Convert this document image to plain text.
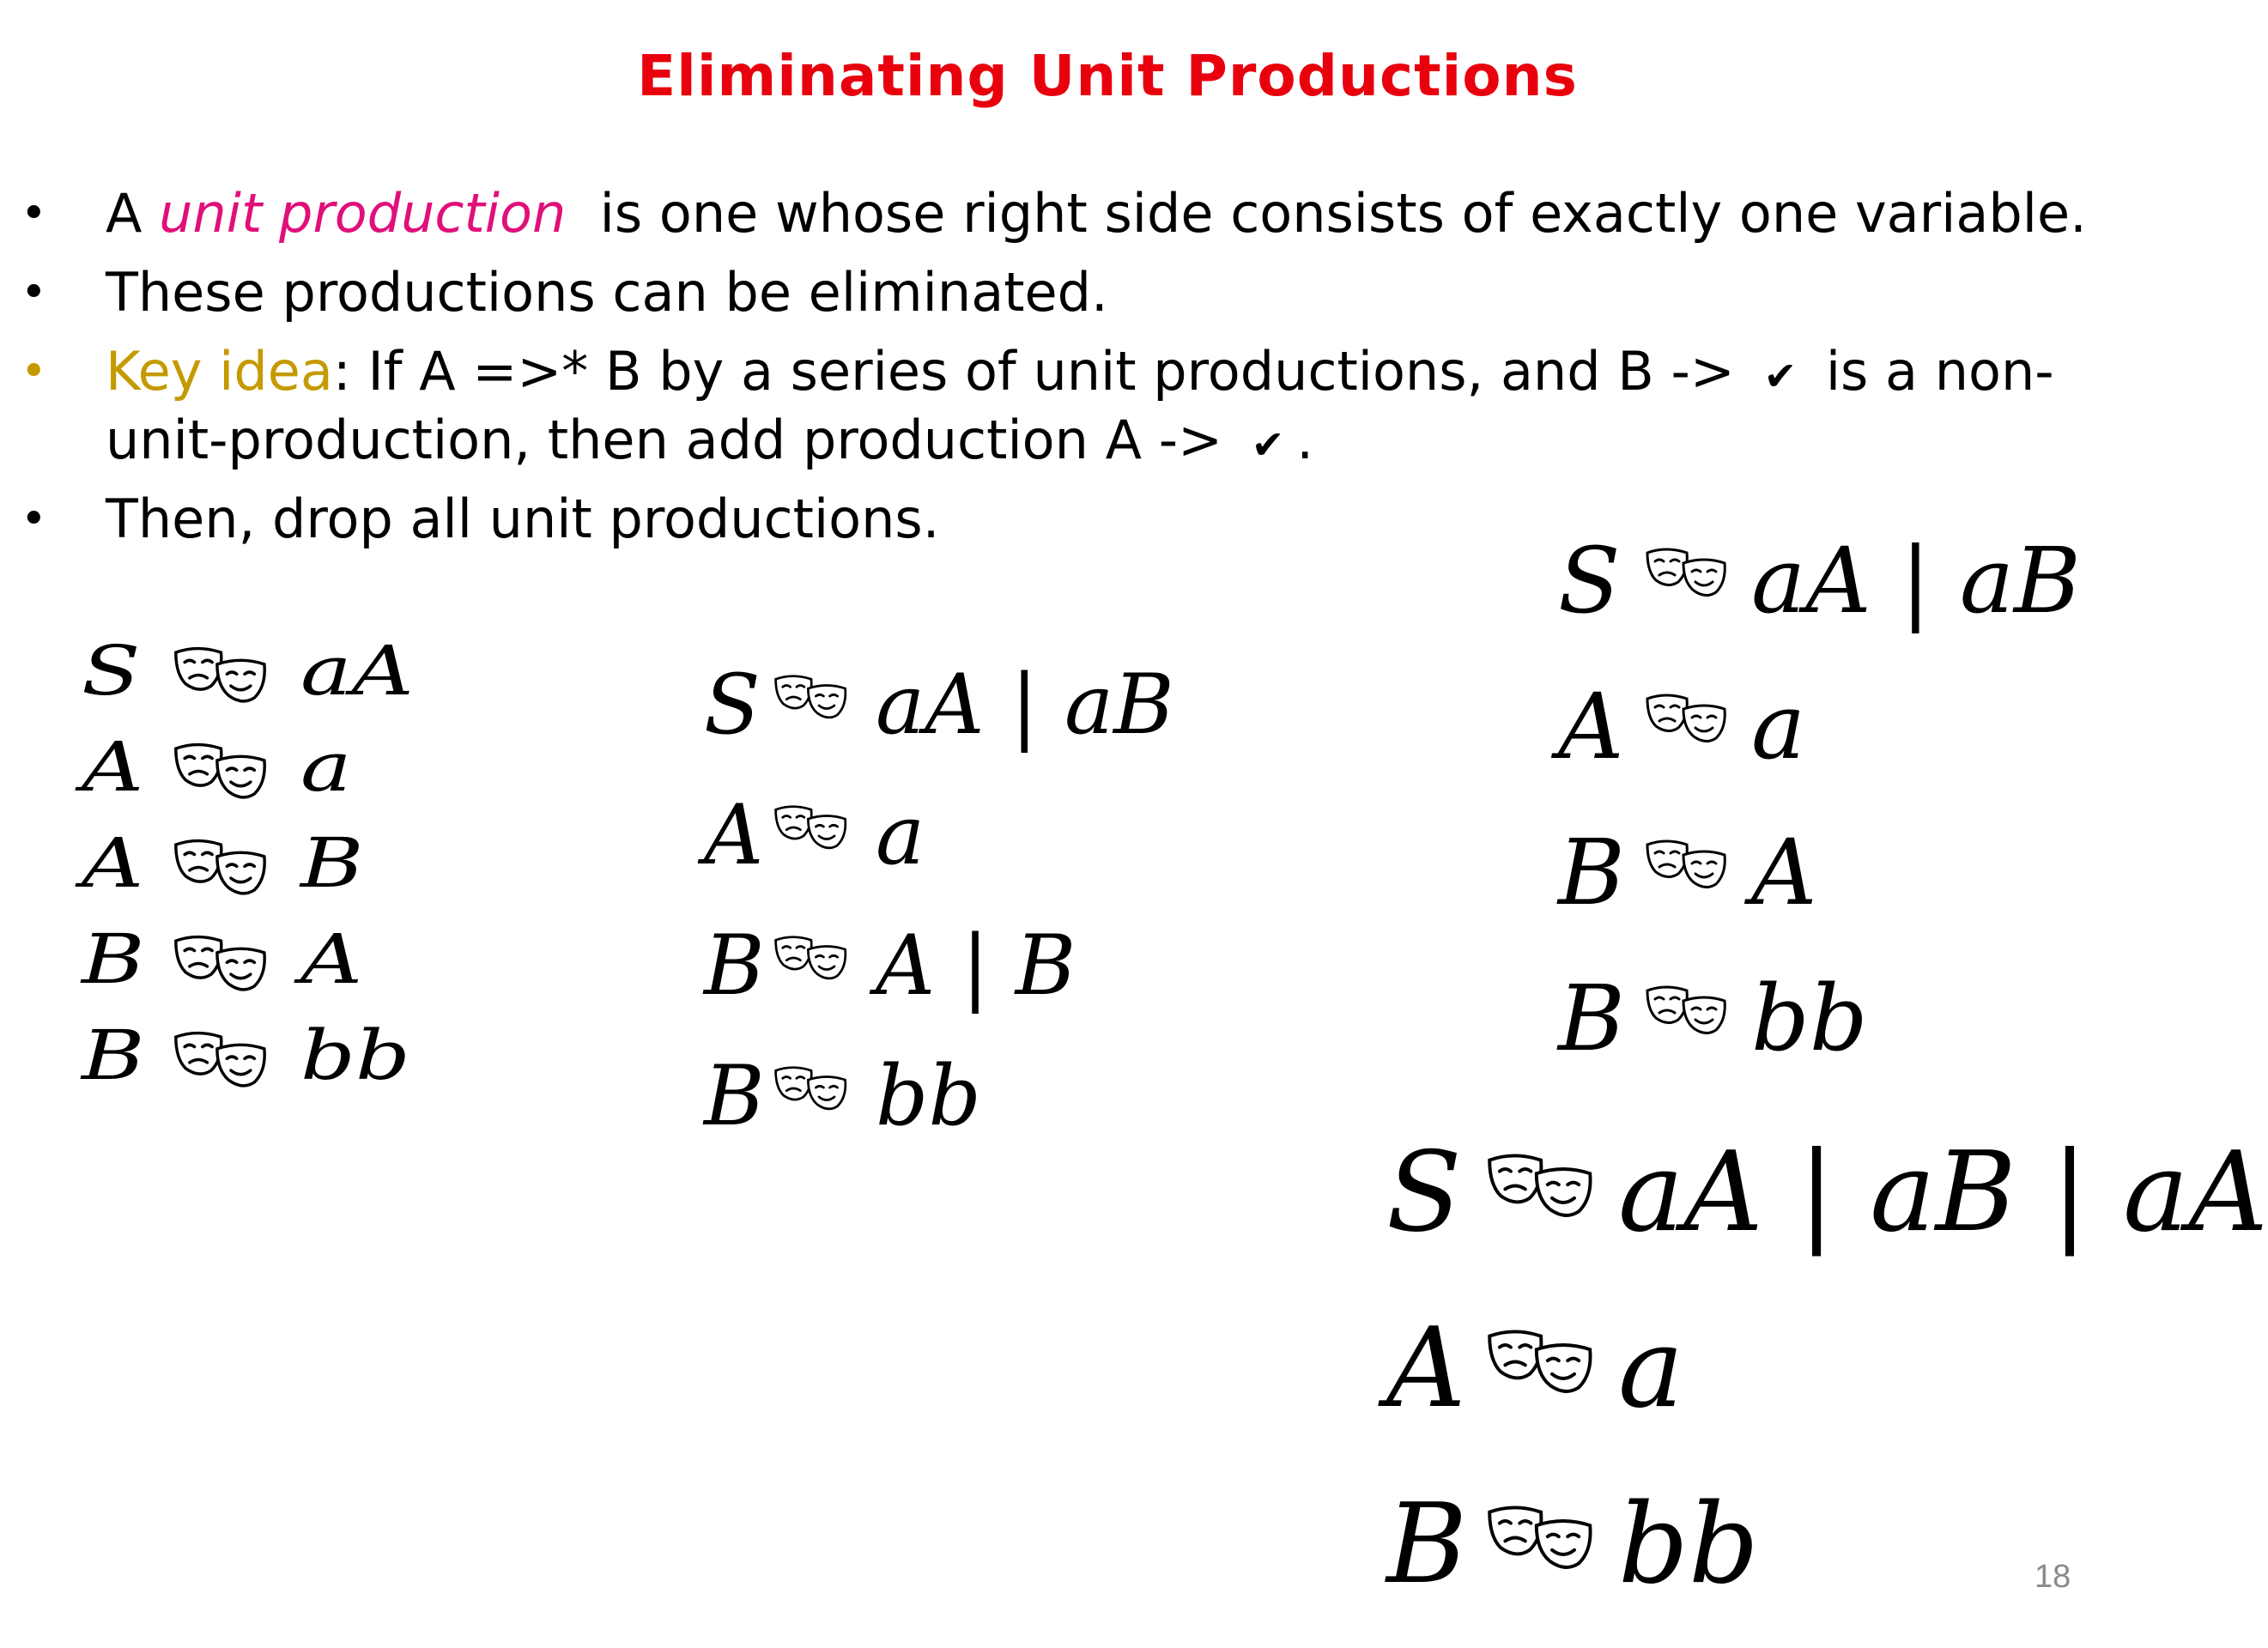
Eliminating Unit Productions
• A unit production  is one whose right side consists of exactly one variable.
• These productions can be eliminated.
• Key idea: If A =>* B by a series of unit productions, and B -> ✔ is a non-
unit-production, then add production A -> ✔ .
• Then, drop all unit productions.
S aA
A a
A B
B A
B bb
S aA | aB
A a
B A | B
B bb
S aA | aB
A a
B A
B bb
S aA | aB | aA
A a
B bb	18
